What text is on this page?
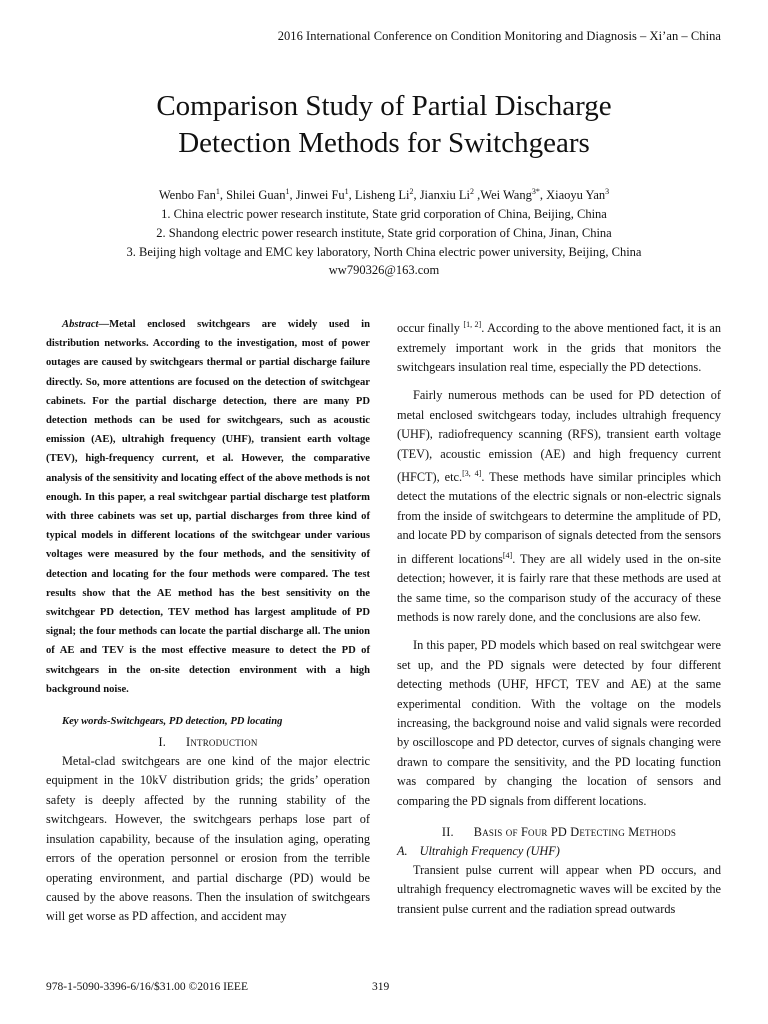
2016 International Conference on Condition Monitoring and Diagnosis – Xi’an – China
Comparison Study of Partial Discharge
Detection Methods for Switchgears
Wenbo Fan$^1$, Shilei Guan$^1$, Jinwei Fu$^1$, Lisheng Li$^2$, Jianxiu Li$^2$ ,Wei Wang$^{3*}$, Xiaoyu Yan$^3$
1. China electric power research institute, State grid corporation of China, Beijing, China
2. Shandong electric power research institute, State grid corporation of China, Jinan, China
3. Beijing high voltage and EMC key laboratory, North China electric power university, Beijing, China
ww790326@163.com

Abstract—Metal enclosed switchgears are widely used in distribution networks. According to the investigation, most of power outages are caused by switchgears thermal or partial discharge failure directly. So, more attentions are focused on the detection of switchgear cabinets. For the partial discharge detection, there are many PD detection methods can be used for switchgears, such as acoustic emission (AE), ultrahigh frequency (UHF), transient earth voltage (TEV), high-frequency current, et al. However, the comparative analysis of the sensitivity and locating effect of the above methods is not enough. In this paper, a real switchgear partial discharge test platform with three cabinets was set up, partial discharges from three kind of typical models in different locations of the switchgear under various voltages were measured by the four methods, and the sensitivity of detection and locating for the four methods were compared. The test results show that the AE method has the best sensitivity on the switchgear PD detection, TEV method has largest amplitude of PD signal; the four methods can locate the partial discharge all. The union of AE and TEV is the most effective measure to detect the PD of switchgears in the on-site detection environment with a high background noise.

Key words-Switchgears, PD detection, PD locating

I. Introduction

Metal-clad switchgears are one kind of the major electric equipment in the 10kV distribution grids; the grids’ operation safety is deeply affected by the running stability of the switchgears. However, the switchgears perhaps lose part of insulation capability, because of the insulation aging, operating errors of the operation personnel or erosion from the terrible operating environment, and partial discharge (PD) would be caused by the above reasons. Then the insulation of switchgears will get worse as PD affection, and accident may

occur finally [1, 2]. According to the above mentioned fact, it is an extremely important work in the grids that monitors the switchgears insulation real time, especially the PD detections.

Fairly numerous methods can be used for PD detection of metal enclosed switchgears today, includes ultrahigh frequency (UHF), radiofrequency scanning (RFS), transient earth voltage (TEV), acoustic emission (AE) and high frequency current (HFCT), etc.[3, 4]. These methods have similar principles which detect the mutations of the electric signals or non-electric signals from the inside of switchgears to determine the amplitude of PD, and locate PD by comparison of signals detected from the sensors in different locations[4]. They are all widely used in the on-site detection; however, it is fairly rare that these methods are used at the same time, so the comparison study of the accuracy of these methods is now rarely done, and the conclusions are also few.

In this paper, PD models which based on real switchgear were set up, and the PD signals were detected by four different detecting methods (UHF, HFCT, TEV and AE) at the same experimental condition. With the voltage on the models increasing, the background noise and valid signals were recorded by oscilloscope and PD detector, curves of signals changing were drawn to compare the sensitivity, and the PD locating function was compared by changing the location of sensors and comparing the PD signals from different locations.

II. Basis of Four PD Detecting Methods
A. Ultrahigh Frequency (UHF)

Transient pulse current will appear when PD occurs, and ultrahigh frequency electromagnetic waves will be excited by the transient pulse current and the radiation spread outwards

978-1-5090-3396-6/16/$31.00 ©2016 IEEE	319
